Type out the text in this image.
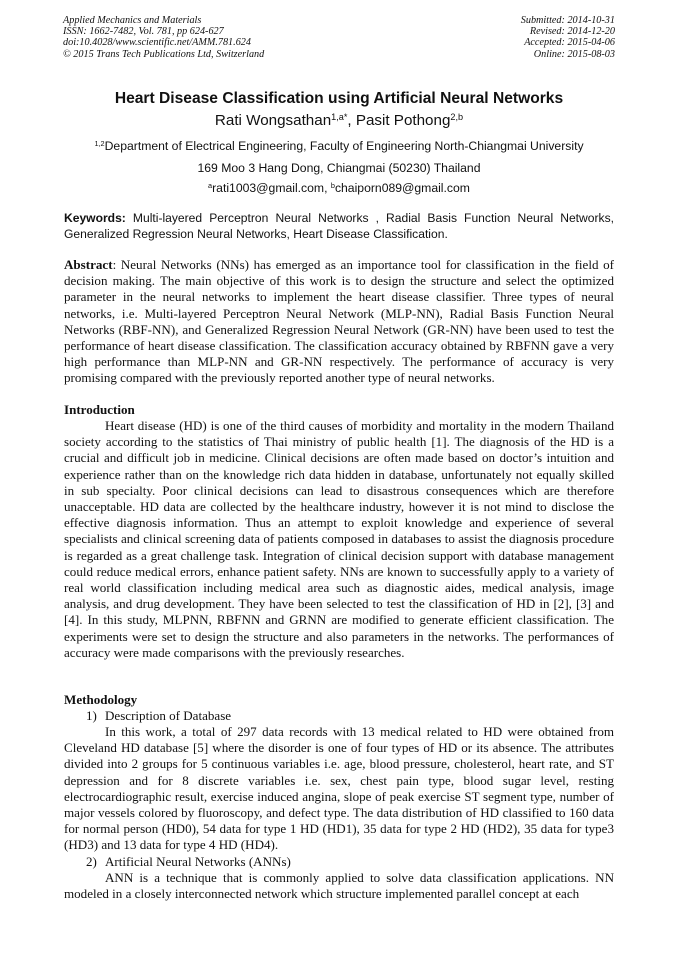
Applied Mechanics and Materials
ISSN: 1662-7482, Vol. 781, pp 624-627
doi:10.4028/www.scientific.net/AMM.781.624
© 2015 Trans Tech Publications Ltd, Switzerland
Submitted: 2014-10-31
Revised: 2014-12-20
Accepted: 2015-04-06
Online: 2015-08-03
Heart Disease Classification using Artificial Neural Networks
Rati Wongsathan$^{1,a*}$, Pasit Pothong$^{2,b}$
$^{1,2}$Department of Electrical Engineering, Faculty of Engineering North-Chiangmai University
169 Moo 3 Hang Dong, Chiangmai (50230) Thailand
$^a$rati1003@gmail.com, $^b$chaiporn089@gmail.com
Keywords: Multi-layered Perceptron Neural Networks , Radial Basis Function Neural Networks, Generalized Regression Neural Networks, Heart Disease Classification.
Abstract: Neural Networks (NNs) has emerged as an importance tool for classification in the field of decision making. The main objective of this work is to design the structure and select the optimized parameter in the neural networks to implement the heart disease classifier. Three types of neural networks, i.e. Multi-layered Perceptron Neural Network (MLP-NN), Radial Basis Function Neural Networks (RBF-NN), and Generalized Regression Neural Network (GR-NN) have been used to test the performance of heart disease classification. The classification accuracy obtained by RBFNN gave a very high performance than MLP-NN and GR-NN respectively. The performance of accuracy is very promising compared with the previously reported another type of neural networks.
Introduction
Heart disease (HD) is one of the third causes of morbidity and mortality in the modern Thailand society according to the statistics of Thai ministry of public health [1]. The diagnosis of the HD is a crucial and difficult job in medicine. Clinical decisions are often made based on doctor’s intuition and experience rather than on the knowledge rich data hidden in database, unfortunately not equally skilled in sub specialty. Poor clinical decisions can lead to disastrous consequences which are therefore unacceptable. HD data are collected by the healthcare industry, however it is not mind to disclose the effective diagnosis information. Thus an attempt to exploit knowledge and experience of several specialists and clinical screening data of patients composed in databases to assist the diagnosis procedure is regarded as a great challenge task. Integration of clinical decision support with database management could reduce medical errors, enhance patient safety. NNs are known to successfully apply to a variety of real world classification including medical area such as diagnostic aides, medical analysis, image analysis, and drug development. They have been selected to test the classification of HD in [2], [3] and [4]. In this study, MLPNN, RBFNN and GRNN are modified to generate efficient classification. The experiments were set to design the structure and also parameters in the networks. The performances of accuracy were made comparisons with the previously researches.
Methodology
1) Description of Database
In this work, a total of 297 data records with 13 medical related to HD were obtained from Cleveland HD database [5] where the disorder is one of four types of HD or its absence. The attributes divided into 2 groups for 5 continuous variables i.e. age, blood pressure, cholesterol, heart rate, and ST depression and for 8 discrete variables i.e. sex, chest pain type, blood sugar level, resting electrocardiographic result, exercise induced angina, slope of peak exercise ST segment type, number of major vessels colored by fluoroscopy, and defect type. The data distribution of HD classified to 160 data for normal person (HD0), 54 data for type 1 HD (HD1), 35 data for type 2 HD (HD2), 35 data for type3 (HD3) and 13 data for type 4 HD (HD4).
2) Artificial Neural Networks (ANNs)
ANN is a technique that is commonly applied to solve data classification applications. NN modeled in a closely interconnected network which structure implemented parallel concept at each
